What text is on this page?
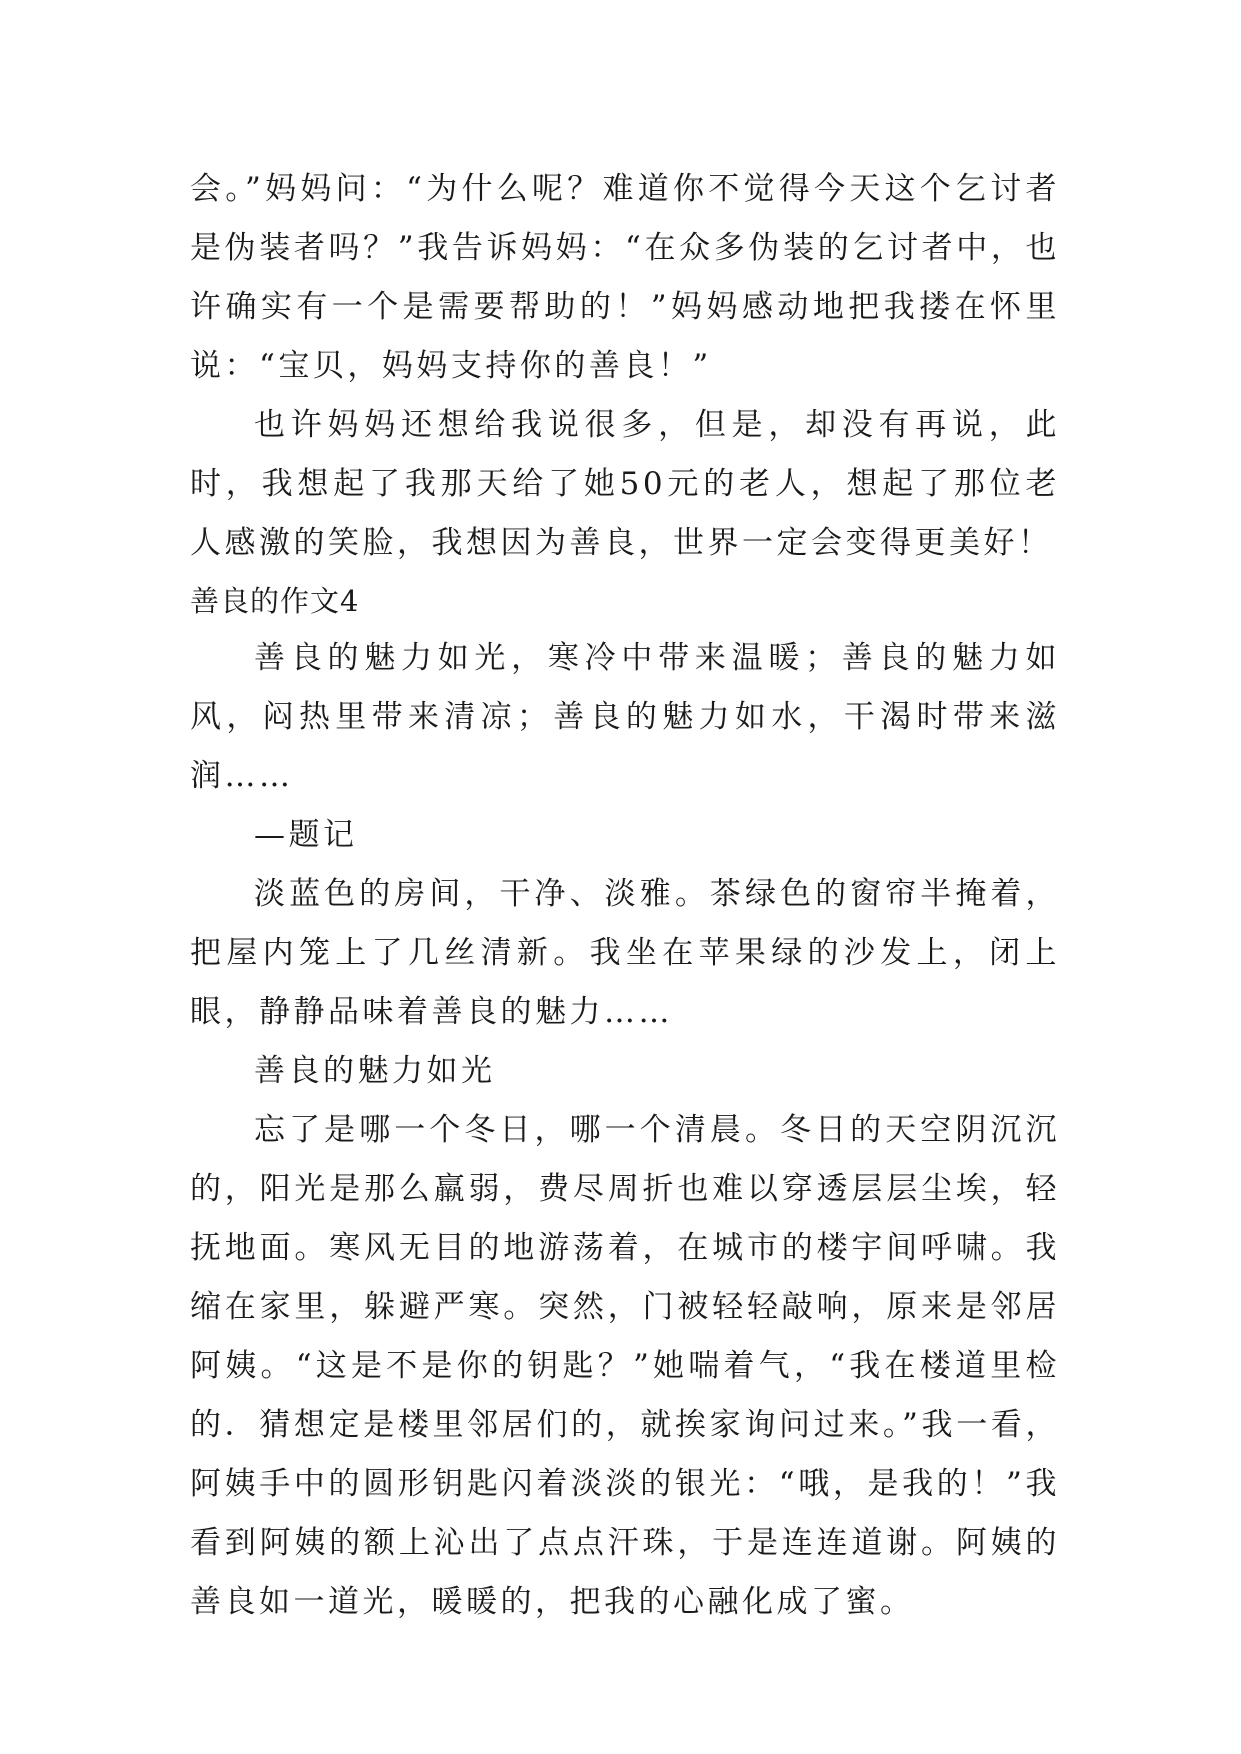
会。”妈妈问：“为什么呢？难道你不觉得今天这个乞讨者是伪装者吗？”我告诉妈妈：“在众多伪装的乞讨者中，也许确实有一个是需要帮助的！”妈妈感动地把我搂在怀里说：“宝贝，妈妈支持你的善良！”

也许妈妈还想给我说很多，但是，却没有再说，此时，我想起了我那天给了她50元的老人，想起了那位老人感激的笑脸，我想因为善良，世界一定会变得更美好！

善良的作文4

善良的魅力如光，寒冷中带来温暖；善良的魅力如风，闷热里带来清凉；善良的魅力如水，干渴时带来滋润……

—题记

淡蓝色的房间，干净、淡雅。茶绿色的窗帘半掩着，把屋内笼上了几丝清新。我坐在苹果绿的沙发上，闭上眼，静静品味着善良的魅力……

善良的魅力如光

忘了是哪一个冬日，哪一个清晨。冬日的天空阴沉沉的，阳光是那么羸弱，费尽周折也难以穿透层层尘埃，轻抚地面。寒风无目的地游荡着，在城市的楼宇间呼啸。我缩在家里，躲避严寒。突然，门被轻轻敲响，原来是邻居阿姨。“这是不是你的钥匙？”她喘着气，“我在楼道里检的．猜想定是楼里邻居们的，就挨家询问过来。”我一看，阿姨手中的圆形钥匙闪着淡淡的银光：“哦，是我的！”我看到阿姨的额上沁出了点点汗珠，于是连连道谢。阿姨的善良如一道光，暖暖的，把我的心融化成了蜜。
